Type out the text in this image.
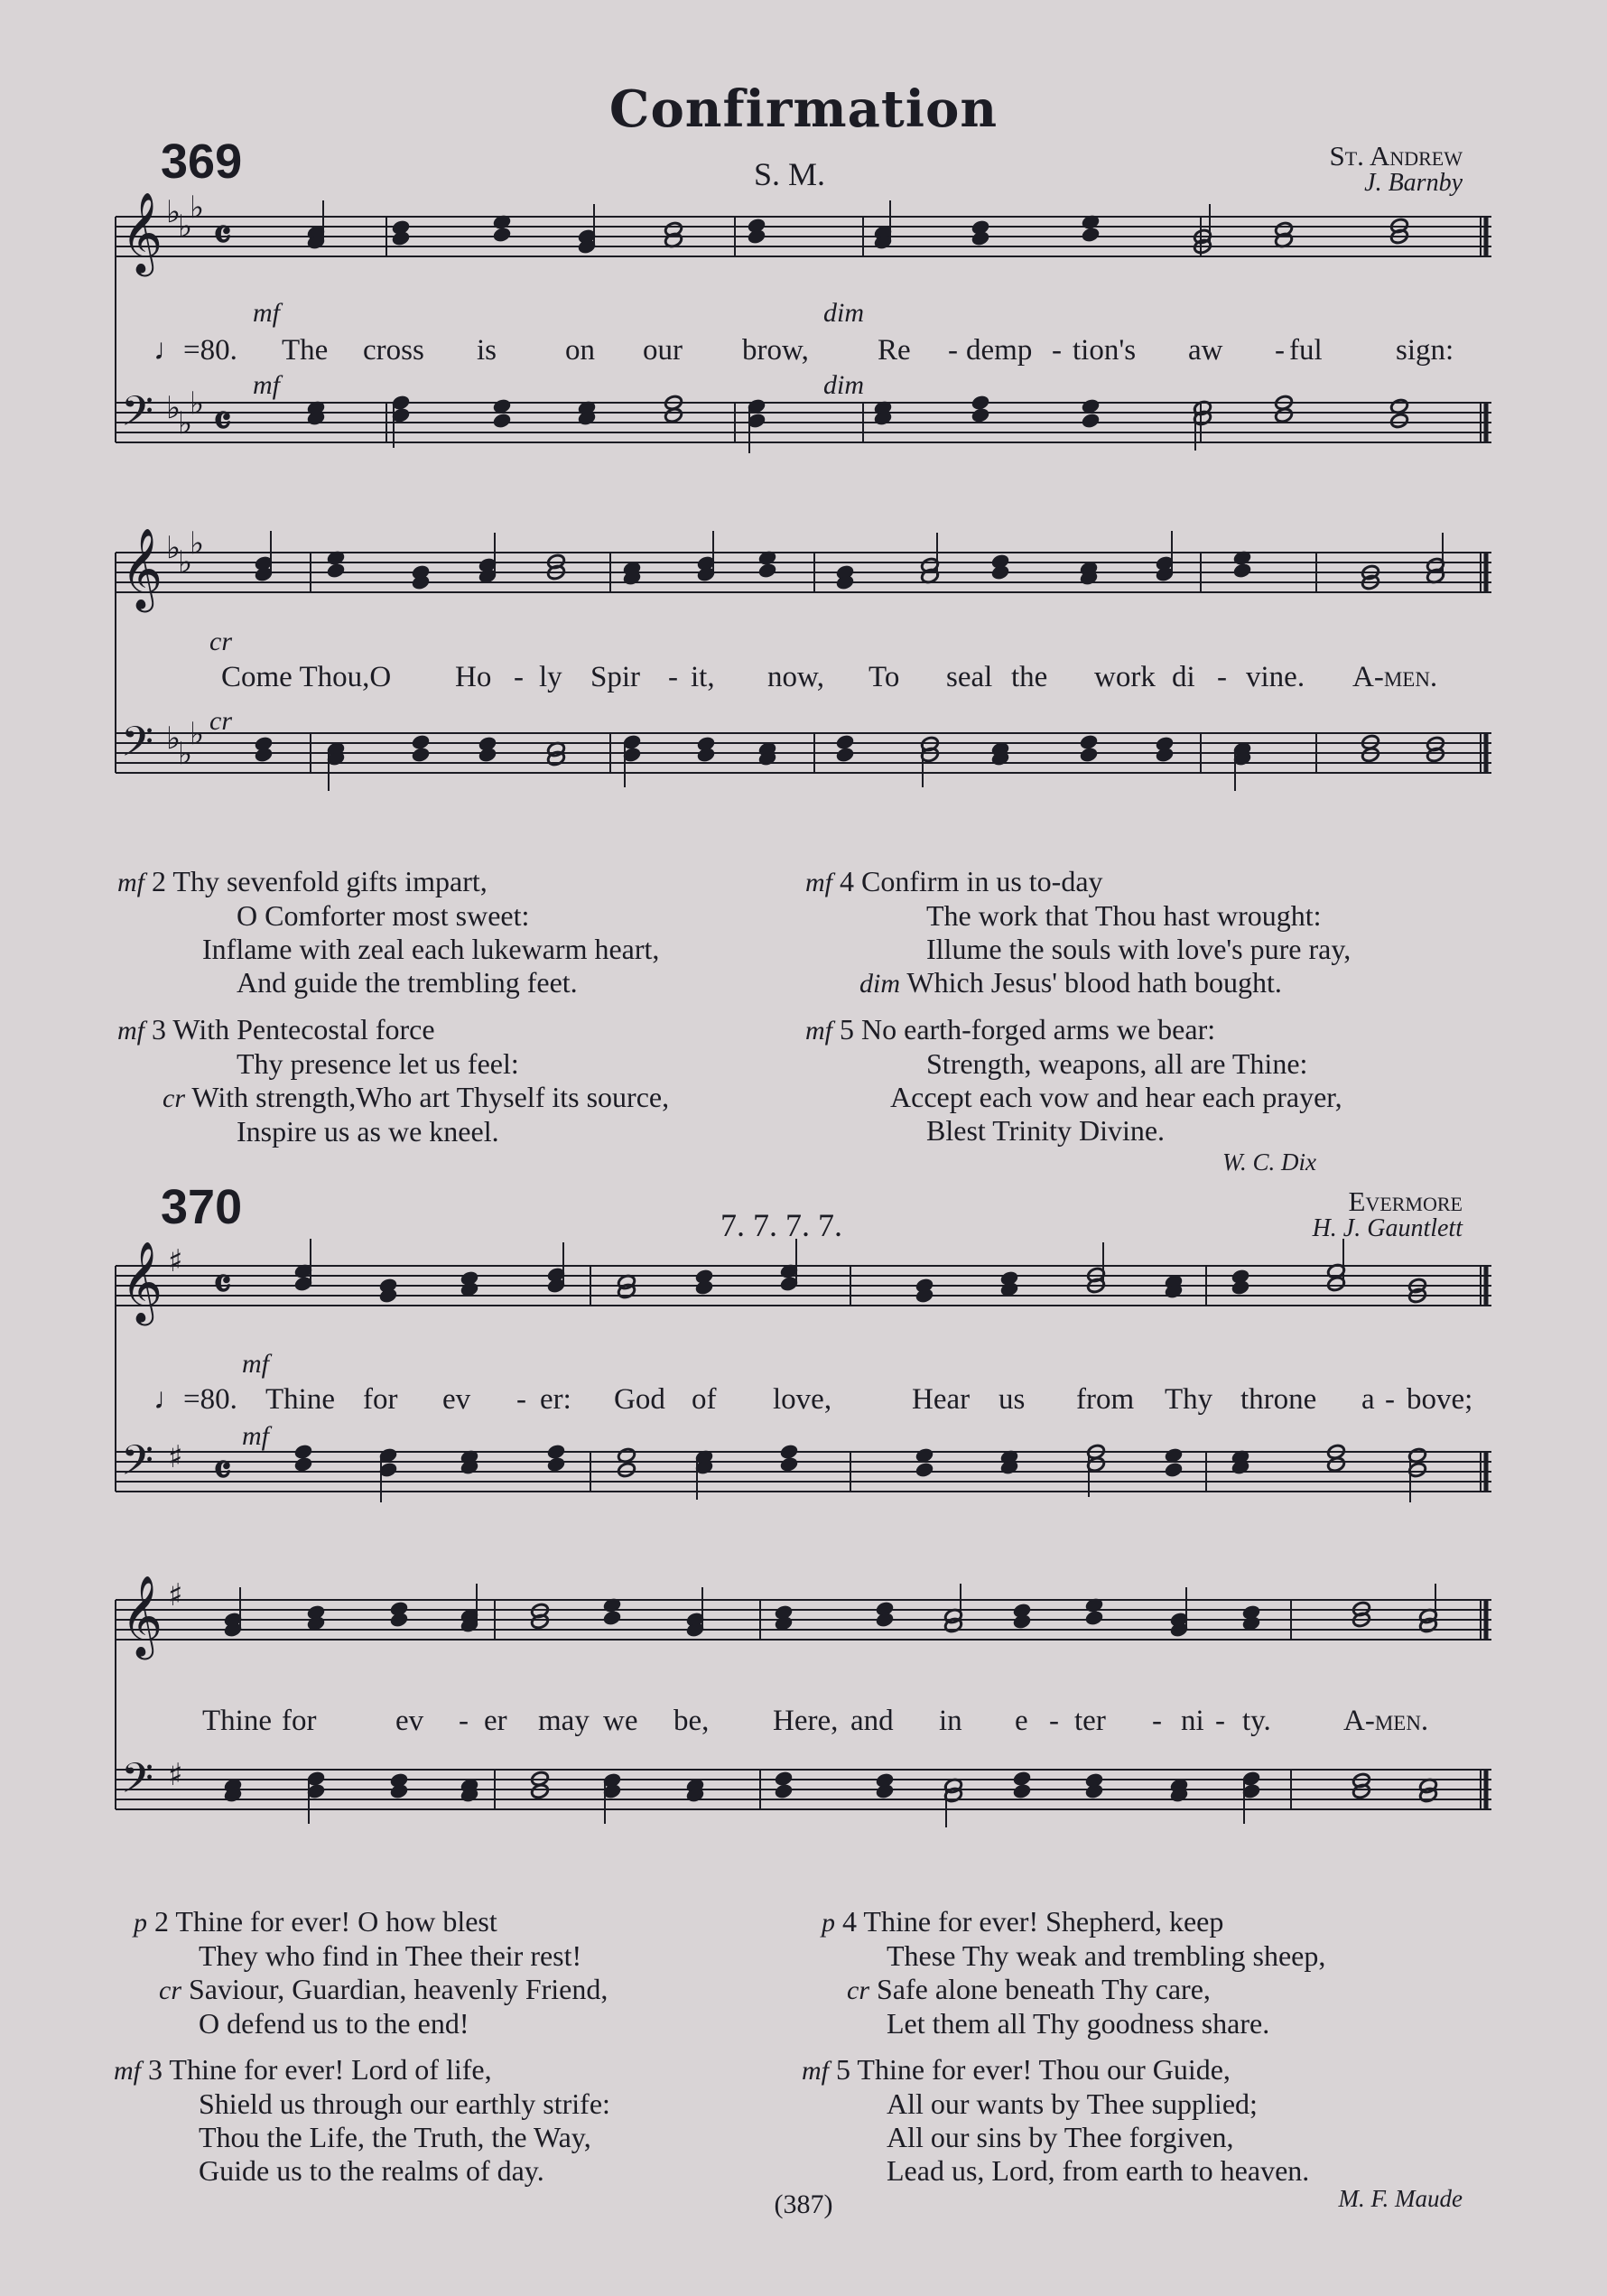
Confirmation
369	S. M.
St. Andrew
J. Barnby
𝄞
𝄢
♭
♭
♭
♭
♭
♭
𝄴
𝄴
𝄞
𝄢
♭
♭
♭
♭
♭
♭
𝄞
𝄢
♯
♯
𝄴
𝄴
𝄞
𝄢
♯
♯
mf	dim
♩=80. The cross is on our brow, Re - demp - tion's aw - ful sign:
mf	dim
cr
Come Thou,O Ho - ly Spir - it, now, To seal the work di - vine. A-men.
cr
mf 2 Thy sevenfold gifts impart,
O Comforter most sweet:
Inflame with zeal each lukewarm heart,
And guide the trembling feet.
mf 3 With Pentecostal force
Thy presence let us feel:
cr With strength,Who art Thyself its source,
Inspire us as we kneel.
mf 4 Confirm in us to-day
The work that Thou hast wrought:
Illume the souls with love's pure ray,
dim Which Jesus' blood hath bought.
mf 5 No earth-forged arms we bear:
Strength, weapons, all are Thine:
Accept each vow and hear each prayer,
Blest Trinity Divine.
W. C. Dix
370	7. 7. 7. 7.
Evermore
H. J. Gauntlett
mf
♩=80. Thine for ev - er: God of love,	Hear us from Thy throne a - bove;
mf
Thine for	ev - er may we be, Here, and in e - ter - ni - ty. A-men.
p 2 Thine for ever! O how blest
They who find in Thee their rest!
cr Saviour, Guardian, heavenly Friend,
O defend us to the end!
mf 3 Thine for ever! Lord of life,
Shield us through our earthly strife:
Thou the Life, the Truth, the Way,
Guide us to the realms of day.
p 4 Thine for ever! Shepherd, keep
These Thy weak and trembling sheep,
cr Safe alone beneath Thy care,
Let them all Thy goodness share.
mf 5 Thine for ever! Thou our Guide,
All our wants by Thee supplied;
All our sins by Thee forgiven,
Lead us, Lord, from earth to heaven.
M. F. Maude
(387)
